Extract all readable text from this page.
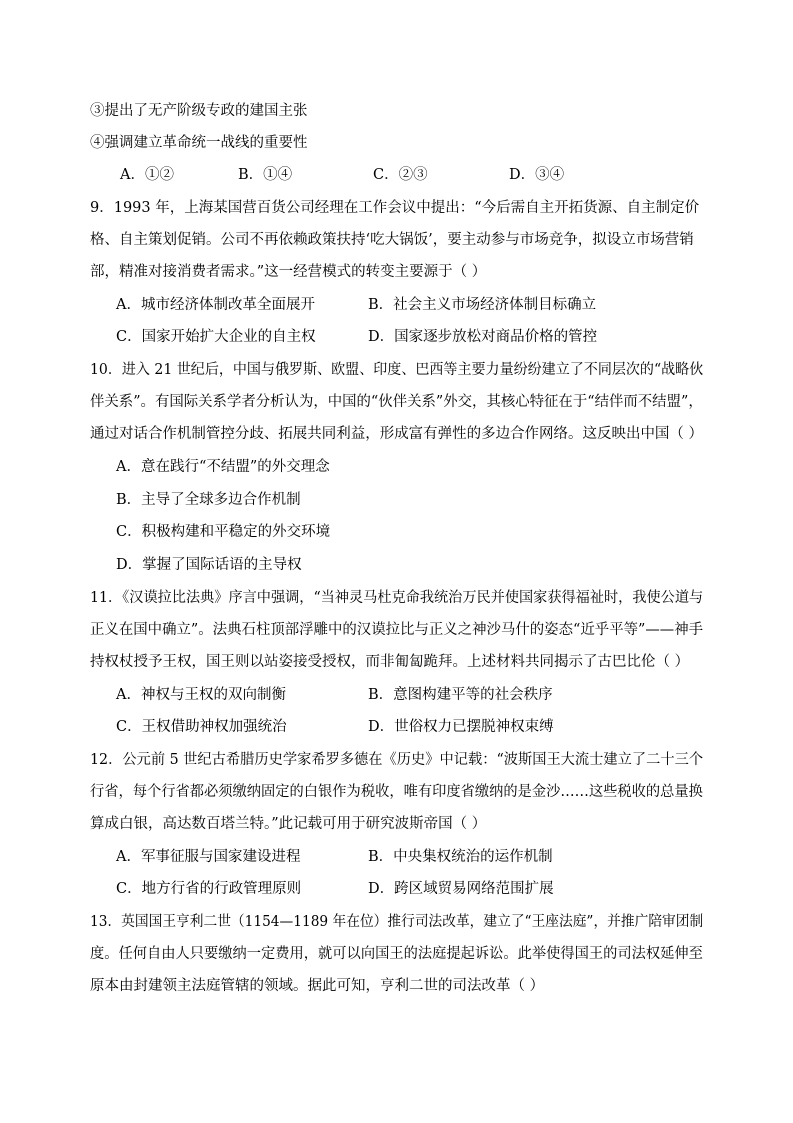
③提出了无产阶级专政的建国主张
④强调建立革命统一战线的重要性
A．①②	B．①④	C．②③	D．③④
9．1993 年，上海某国营百货公司经理在工作会议中提出：“今后需自主开拓货源、自主制定价
格、自主策划促销。公司不再依赖政策扶持‘吃大锅饭’，要主动参与市场竞争，拟设立市场营销
部，精准对接消费者需求。”这一经营模式的转变主要源于（ ）
A．城市经济体制改革全面展开	B．社会主义市场经济体制目标确立
C．国家开始扩大企业的自主权	D．国家逐步放松对商品价格的管控
10．进入 21 世纪后，中国与俄罗斯、欧盟、印度、巴西等主要力量纷纷建立了不同层次的“战略伙
伴关系”。有国际关系学者分析认为，中国的“伙伴关系”外交，其核心特征在于“结伴而不结盟”，
通过对话合作机制管控分歧、拓展共同利益，形成富有弹性的多边合作网络。这反映出中国（ ）
A．意在践行“不结盟”的外交理念
B．主导了全球多边合作机制
C．积极构建和平稳定的外交环境
D．掌握了国际话语的主导权
11．《汉谟拉比法典》序言中强调，“当神灵马杜克命我统治万民并使国家获得福祉时，我使公道与
正义在国中确立”。法典石柱顶部浮雕中的汉谟拉比与正义之神沙马什的姿态“近乎平等”——神手
持权杖授予王权，国王则以站姿接受授权，而非匍匐跪拜。上述材料共同揭示了古巴比伦（ ）
A．神权与王权的双向制衡	B．意图构建平等的社会秩序
C．王权借助神权加强统治	D．世俗权力已摆脱神权束缚
12．公元前 5 世纪古希腊历史学家希罗多德在《历史》中记载：“波斯国王大流士建立了二十三个
行省，每个行省都必须缴纳固定的白银作为税收，唯有印度省缴纳的是金沙……这些税收的总量换
算成白银，高达数百塔兰特。”此记载可用于研究波斯帝国（ ）
A．军事征服与国家建设进程	B．中央集权统治的运作机制
C．地方行省的行政管理原则	D．跨区域贸易网络范围扩展
13．英国国王亨利二世（1154—1189 年在位）推行司法改革，建立了“王座法庭”，并推广陪审团制
度。任何自由人只要缴纳一定费用，就可以向国王的法庭提起诉讼。此举使得国王的司法权延伸至
原本由封建领主法庭管辖的领域。据此可知，亨利二世的司法改革（ ）
